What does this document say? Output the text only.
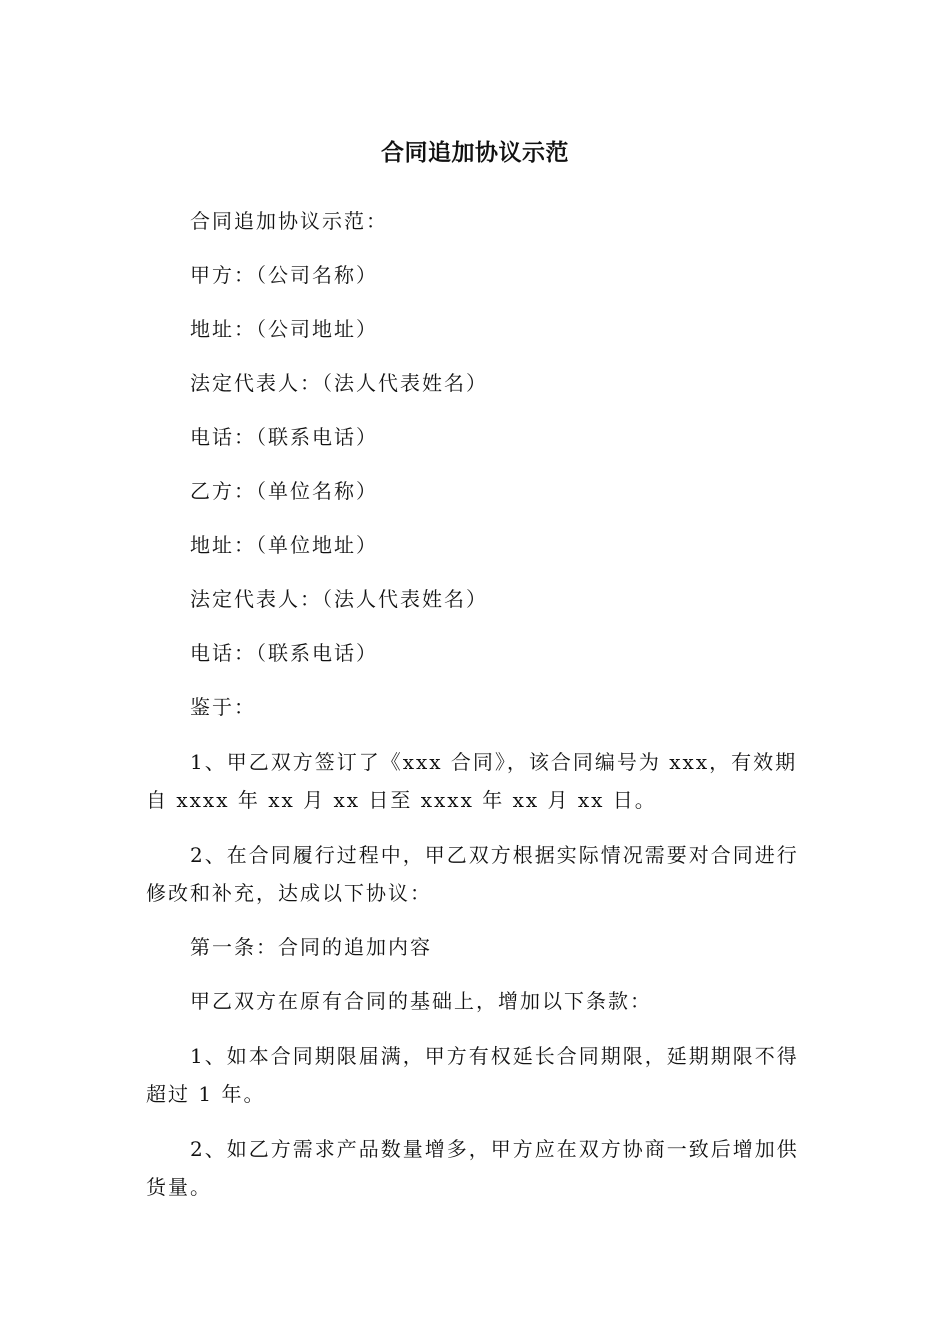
合同追加协议示范

合同追加协议示范：

甲方：（公司名称）

地址：（公司地址）

法定代表人：（法人代表姓名）

电话：（联系电话）

乙方：（单位名称）

地址：（单位地址）

法定代表人：（法人代表姓名）

电话：（联系电话）

鉴于：

1、甲乙双方签订了《xxx 合同》，该合同编号为 xxx，有效期自 xxxx 年 xx 月 xx 日至 xxxx 年 xx 月 xx 日。

2、在合同履行过程中，甲乙双方根据实际情况需要对合同进行修改和补充，达成以下协议：

第一条：合同的追加内容

甲乙双方在原有合同的基础上，增加以下条款：

1、如本合同期限届满，甲方有权延长合同期限，延期期限不得超过 1 年。

2、如乙方需求产品数量增多，甲方应在双方协商一致后增加供货量。
